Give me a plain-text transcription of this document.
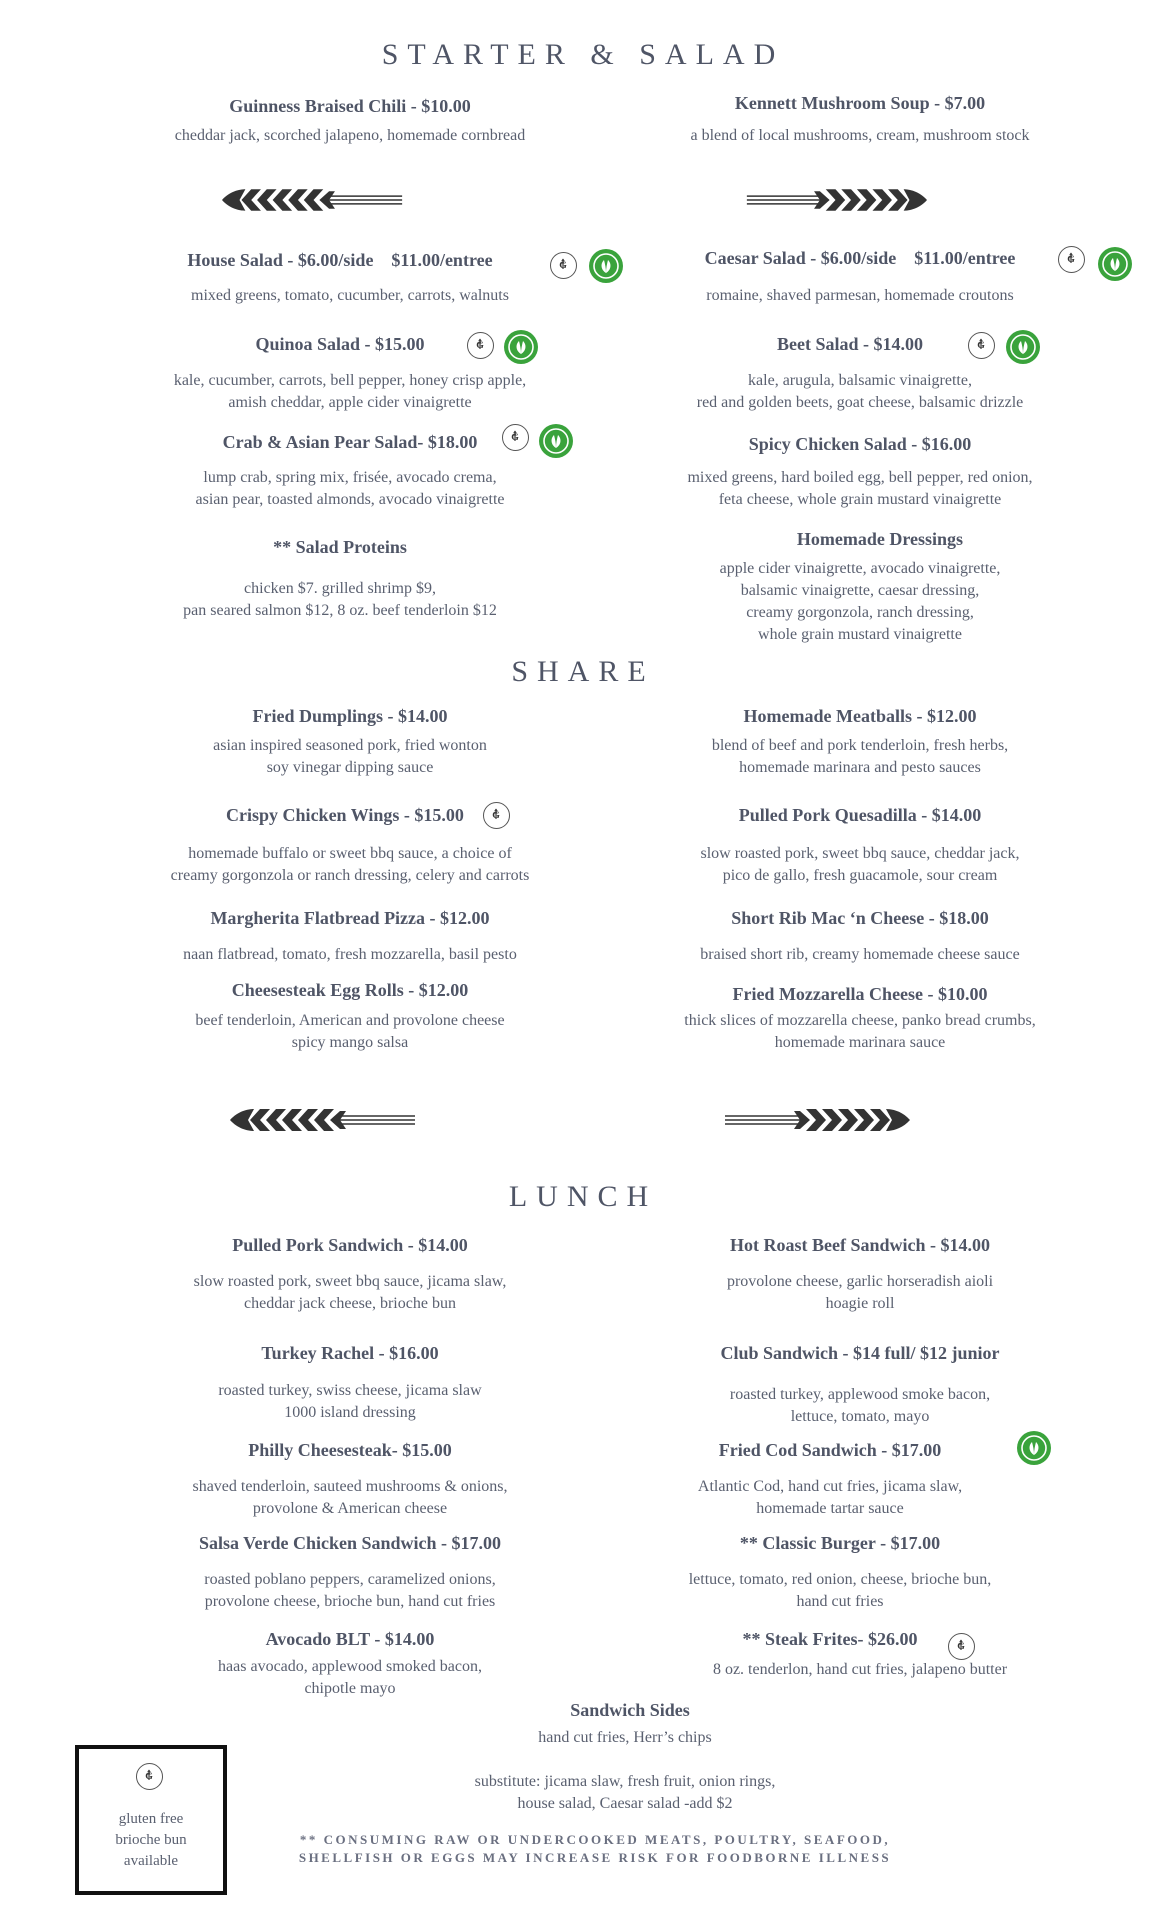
STARTER & SALAD
Guinness Braised Chili - $10.00
cheddar jack, scorched jalapeno, homemade cornbread
Kennett Mushroom Soup - $7.00
a blend of local mushrooms, cream, mushroom stock
House Salad - $6.00/side    $11.00/entree
mixed greens, tomato, cucumber, carrots, walnuts
Caesar Salad - $6.00/side    $11.00/entree
romaine, shaved parmesan, homemade croutons
Quinoa Salad - $15.00
kale, cucumber, carrots, bell pepper, honey crisp apple,
amish cheddar, apple cider vinaigrette
Beet Salad - $14.00
kale, arugula, balsamic vinaigrette,
red and golden beets, goat cheese, balsamic drizzle
Crab & Asian Pear Salad- $18.00
lump crab, spring mix, frisée, avocado crema,
asian pear, toasted almonds, avocado vinaigrette
Spicy Chicken Salad - $16.00
mixed greens, hard boiled egg, bell pepper, red onion,
feta cheese, whole grain mustard vinaigrette
** Salad Proteins
chicken $7. grilled shrimp $9,
pan seared salmon $12, 8 oz. beef tenderloin $12
Homemade Dressings
apple cider vinaigrette, avocado vinaigrette,
balsamic vinaigrette, caesar dressing,
creamy gorgonzola, ranch dressing,
whole grain mustard vinaigrette
SHARE
Fried Dumplings - $14.00
asian inspired seasoned pork, fried wonton
soy vinegar dipping sauce
Homemade Meatballs - $12.00
blend of beef and pork tenderloin, fresh herbs,
homemade marinara and pesto sauces
Crispy Chicken Wings - $15.00
homemade buffalo or sweet bbq sauce, a choice of
creamy gorgonzola or ranch dressing, celery and carrots
Pulled Pork Quesadilla - $14.00
slow roasted pork, sweet bbq sauce, cheddar jack,
pico de gallo, fresh guacamole, sour cream
Margherita Flatbread Pizza - $12.00
naan flatbread, tomato, fresh mozzarella, basil pesto
Short Rib Mac ‘n Cheese - $18.00
braised short rib, creamy homemade cheese sauce
Cheesesteak Egg Rolls - $12.00
beef tenderloin, American and provolone cheese
spicy mango salsa
Fried Mozzarella Cheese - $10.00
thick slices of mozzarella cheese, panko bread crumbs,
homemade marinara sauce
LUNCH
Pulled Pork Sandwich - $14.00
slow roasted pork, sweet bbq sauce, jicama slaw,
cheddar jack cheese, brioche bun
Hot Roast Beef Sandwich - $14.00
provolone cheese, garlic horseradish aioli
hoagie roll
Turkey Rachel - $16.00
roasted turkey, swiss cheese, jicama slaw
1000 island dressing
Club Sandwich - $14 full/ $12 junior
roasted turkey, applewood smoke bacon,
lettuce, tomato, mayo
Philly Cheesesteak- $15.00
shaved tenderloin, sauteed mushrooms & onions,
provolone & American cheese
Fried Cod Sandwich - $17.00
Atlantic Cod, hand cut fries, jicama slaw,
homemade tartar sauce
Salsa Verde Chicken Sandwich - $17.00
roasted poblano peppers, caramelized onions,
provolone cheese, brioche bun, hand cut fries
** Classic Burger - $17.00
lettuce, tomato, red onion, cheese, brioche bun,
hand cut fries
Avocado BLT - $14.00
haas avocado, applewood smoked bacon,
chipotle mayo
** Steak Frites- $26.00
8 oz. tenderlon, hand cut fries, jalapeno butter
Sandwich Sides
hand cut fries, Herr’s chips
substitute: jicama slaw, fresh fruit, onion rings,
house salad, Caesar salad -add $2
** CONSUMING RAW OR UNDERCOOKED MEATS, POULTRY, SEAFOOD,
SHELLFISH OR EGGS MAY INCREASE RISK FOR FOODBORNE ILLNESS
gluten free
brioche bun
available
